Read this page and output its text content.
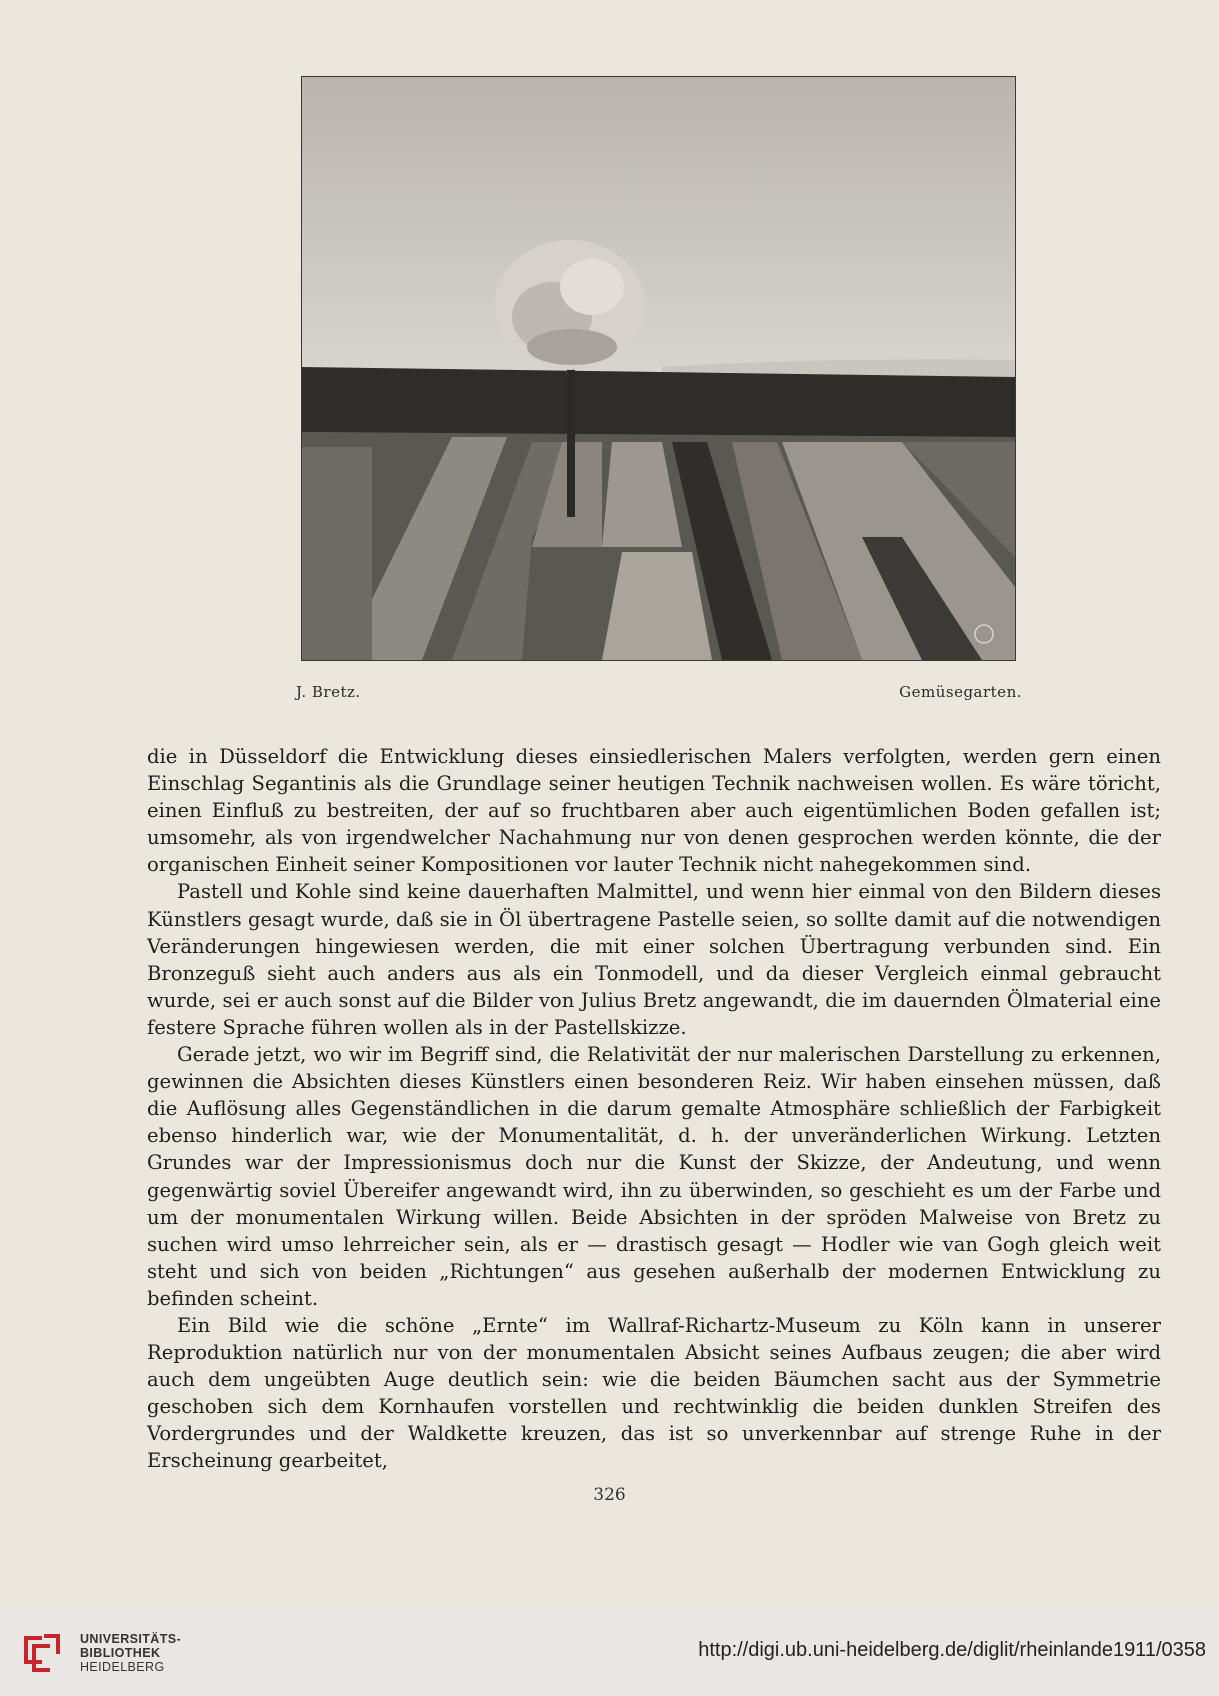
J. Bretz.	Gemüsegarten.

die in Düsseldorf die Entwicklung dieses einsiedlerischen Malers verfolgten, werden gern einen Einschlag Segantinis als die Grundlage seiner heutigen Technik nachweisen wollen. Es wäre töricht, einen Einfluß zu bestreiten, der auf so fruchtbaren aber auch eigentümlichen Boden gefallen ist; umsomehr, als von irgendwelcher Nachahmung nur von denen gesprochen werden könnte, die der organischen Einheit seiner Kompositionen vor lauter Technik nicht nahegekommen sind.

Pastell und Kohle sind keine dauerhaften Malmittel, und wenn hier einmal von den Bildern dieses Künstlers gesagt wurde, daß sie in Öl übertragene Pastelle seien, so sollte damit auf die notwendigen Veränderungen hingewiesen werden, die mit einer solchen Übertragung verbunden sind. Ein Bronzeguß sieht auch anders aus als ein Tonmodell, und da dieser Vergleich einmal gebraucht wurde, sei er auch sonst auf die Bilder von Julius Bretz angewandt, die im dauernden Ölmaterial eine festere Sprache führen wollen als in der Pastellskizze.

Gerade jetzt, wo wir im Begriff sind, die Relativität der nur malerischen Darstellung zu erkennen, gewinnen die Absichten dieses Künstlers einen besonderen Reiz. Wir haben einsehen müssen, daß die Auflösung alles Gegenständlichen in die darum gemalte Atmosphäre schließlich der Farbigkeit ebenso hinderlich war, wie der Monumentalität, d. h. der unveränderlichen Wirkung. Letzten Grundes war der Impressionismus doch nur die Kunst der Skizze, der Andeutung, und wenn gegenwärtig soviel Übereifer angewandt wird, ihn zu überwinden, so geschieht es um der Farbe und um der monumentalen Wirkung willen. Beide Absichten in der spröden Malweise von Bretz zu suchen wird umso lehrreicher sein, als er — drastisch gesagt — Hodler wie van Gogh gleich weit steht und sich von beiden „Richtungen“ aus gesehen außerhalb der modernen Entwicklung zu befinden scheint.

Ein Bild wie die schöne „Ernte“ im Wallraf-Richartz-Museum zu Köln kann in unserer Reproduktion natürlich nur von der monumentalen Absicht seines Aufbaus zeugen; die aber wird auch dem ungeübten Auge deutlich sein: wie die beiden Bäumchen sacht aus der Symmetrie geschoben sich dem Kornhaufen vorstellen und rechtwinklig die beiden dunklen Streifen des Vordergrundes und der Waldkette kreuzen, das ist so unverkennbar auf strenge Ruhe in der Erscheinung gearbeitet,

326
UNIVERSITÄTS-
BIBLIOTHEK
HEIDELBERG
http://digi.ub.uni-heidelberg.de/diglit/rheinlande1911/0358
